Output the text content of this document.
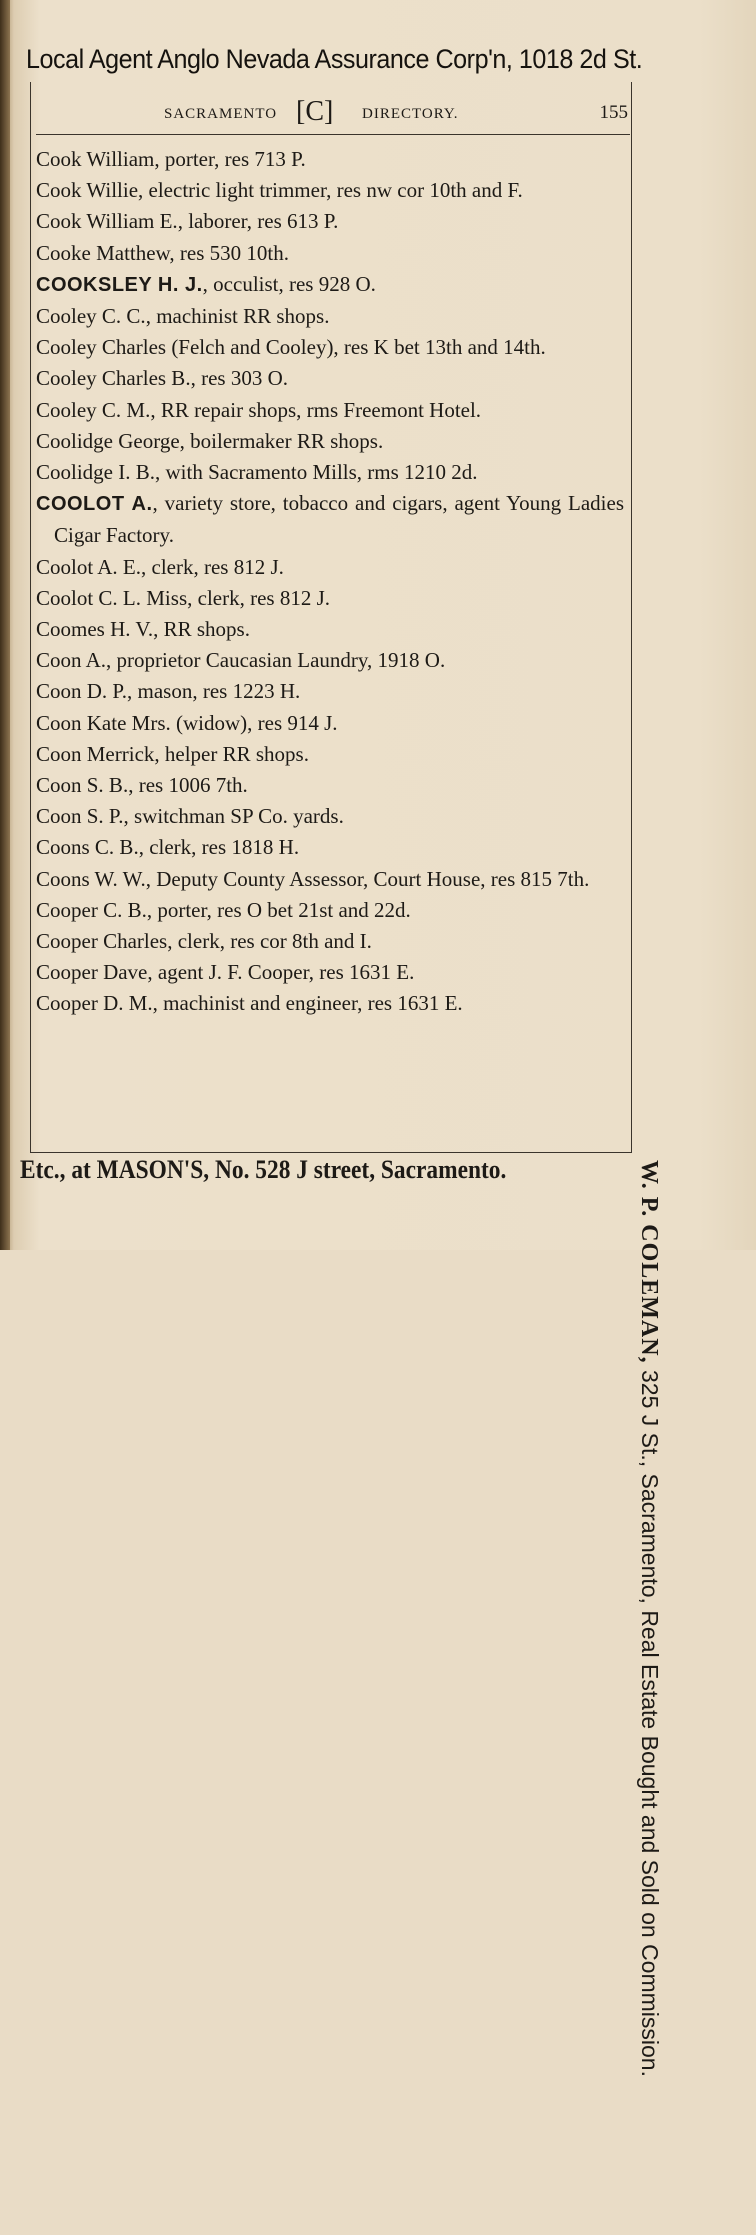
Local Agent Anglo Nevada Assurance Corp'n, 1018 2d St.
SACRAMENTO [C] DIRECTORY.	155

Cook William, porter, res 713 P.

Cook Willie, electric light trimmer, res nw cor 10th and F.

Cook William E., laborer, res 613 P.

Cooke Matthew, res 530 10th.

COOKSLEY H. J., occulist, res 928 O.

Cooley C. C., machinist RR shops.

Cooley Charles (Felch and Cooley), res K bet 13th and 14th.

Cooley Charles B., res 303 O.

Cooley C. M., RR repair shops, rms Freemont Hotel.

Coolidge George, boilermaker RR shops.

Coolidge I. B., with Sacramento Mills, rms 1210 2d.

COOLOT A., variety store, tobacco and cigars, agent Young Ladies Cigar Factory.

Coolot A. E., clerk, res 812 J.

Coolot C. L. Miss, clerk, res 812 J.

Coomes H. V., RR shops.

Coon A., proprietor Caucasian Laundry, 1918 O.

Coon D. P., mason, res 1223 H.

Coon Kate Mrs. (widow), res 914 J.

Coon Merrick, helper RR shops.

Coon S. B., res 1006 7th.

Coon S. P., switchman SP Co. yards.

Coons C. B., clerk, res 1818 H.

Coons W. W., Deputy County Assessor, Court House, res 815 7th.

Cooper C. B., porter, res O bet 21st and 22d.

Cooper Charles, clerk, res cor 8th and I.

Cooper Dave, agent J. F. Cooper, res 1631 E.

Cooper D. M., machinist and engineer, res 1631 E.

W. P. COLEMAN, 325 J St., Sacramento, Real Estate Bought and Sold on Commission.
Etc., at MASON'S, No. 528 J street, Sacramento.
